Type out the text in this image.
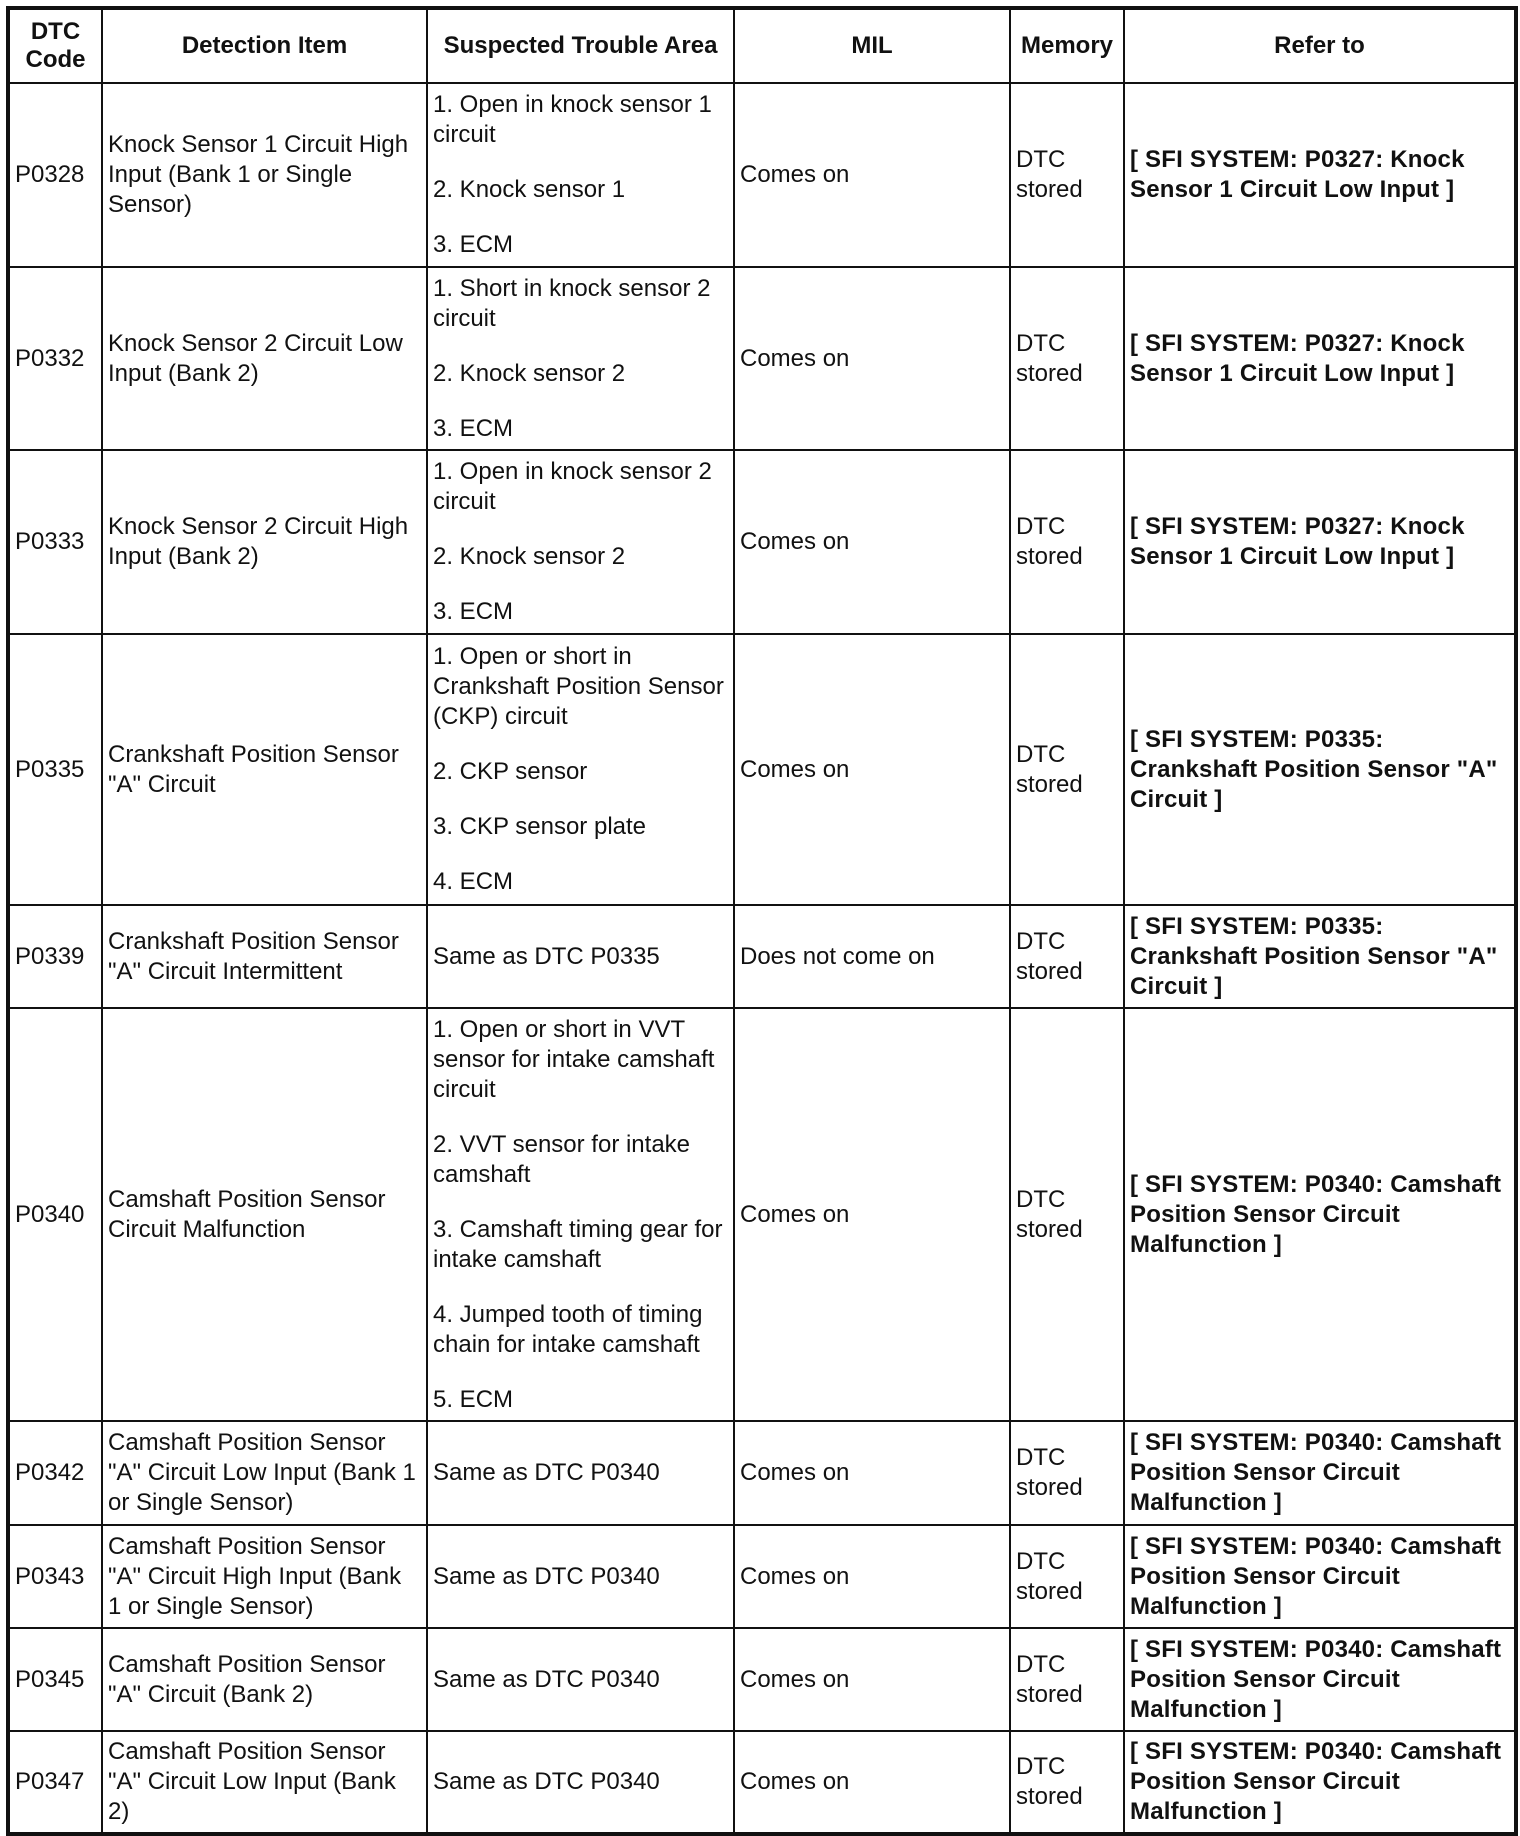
DTC Code	Detection Item	Suspected Trouble Area	MIL	Memory	Refer to
P0328	Knock Sensor 1 Circuit High Input (Bank 1 or Single Sensor)	1. Open in knock sensor 1 circuit
2. Knock sensor 1
3. ECM	Comes on	DTC stored	[ SFI SYSTEM: P0327: Knock Sensor 1 Circuit Low Input ]
P0332	Knock Sensor 2 Circuit Low Input (Bank 2)	1. Short in knock sensor 2 circuit
2. Knock sensor 2
3. ECM	Comes on	DTC stored	[ SFI SYSTEM: P0327: Knock Sensor 1 Circuit Low Input ]
P0333	Knock Sensor 2 Circuit High Input (Bank 2)	1. Open in knock sensor 2 circuit
2. Knock sensor 2
3. ECM	Comes on	DTC stored	[ SFI SYSTEM: P0327: Knock Sensor 1 Circuit Low Input ]
P0335	Crankshaft Position Sensor "A" Circuit	1. Open or short in Crankshaft Position Sensor (CKP) circuit
2. CKP sensor
3. CKP sensor plate
4. ECM	Comes on	DTC stored	[ SFI SYSTEM: P0335: Crankshaft Position Sensor "A" Circuit ]
P0339	Crankshaft Position Sensor "A" Circuit Intermittent	Same as DTC P0335	Does not come on	DTC stored	[ SFI SYSTEM: P0335: Crankshaft Position Sensor "A" Circuit ]
P0340	Camshaft Position Sensor Circuit Malfunction	1. Open or short in VVT sensor for intake camshaft circuit
2. VVT sensor for intake camshaft
3. Camshaft timing gear for intake camshaft
4. Jumped tooth of timing chain for intake camshaft
5. ECM	Comes on	DTC stored	[ SFI SYSTEM: P0340: Camshaft Position Sensor Circuit Malfunction ]
P0342	Camshaft Position Sensor "A" Circuit Low Input (Bank 1 or Single Sensor)	Same as DTC P0340	Comes on	DTC stored	[ SFI SYSTEM: P0340: Camshaft Position Sensor Circuit Malfunction ]
P0343	Camshaft Position Sensor "A" Circuit High Input (Bank 1 or Single Sensor)	Same as DTC P0340	Comes on	DTC stored	[ SFI SYSTEM: P0340: Camshaft Position Sensor Circuit Malfunction ]
P0345	Camshaft Position Sensor "A" Circuit (Bank 2)	Same as DTC P0340	Comes on	DTC stored	[ SFI SYSTEM: P0340: Camshaft Position Sensor Circuit Malfunction ]
P0347	Camshaft Position Sensor "A" Circuit Low Input (Bank 2)	Same as DTC P0340	Comes on	DTC stored	[ SFI SYSTEM: P0340: Camshaft Position Sensor Circuit Malfunction ]
